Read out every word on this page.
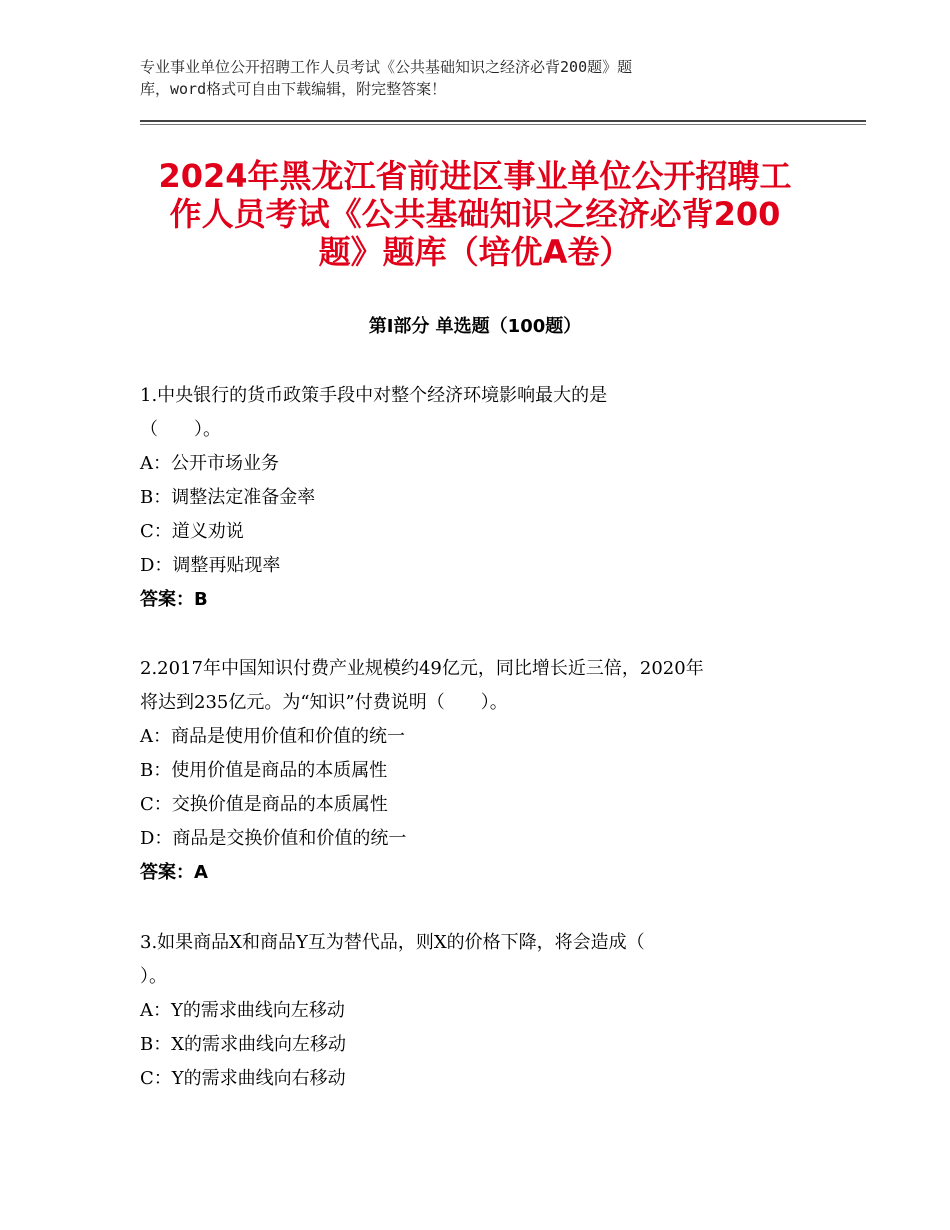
专业事业单位公开招聘工作人员考试《公共基础知识之经济必背200题》题
库，word格式可自由下载编辑，附完整答案！
2024年黑龙江省前进区事业单位公开招聘工
作人员考试《公共基础知识之经济必背200
题》题库（培优A卷）
第Ⅰ部分 单选题（100题）
1.中央银行的货币政策手段中对整个经济环境影响最大的是
（　　）。
A：公开市场业务
B：调整法定准备金率
C：道义劝说
D：调整再贴现率
答案：B
2.2017年中国知识付费产业规模约49亿元，同比增长近三倍，2020年
将达到235亿元。为“知识”付费说明（　　）。
A：商品是使用价值和价值的统一
B：使用价值是商品的本质属性
C：交换价值是商品的本质属性
D：商品是交换价值和价值的统一
答案：A
3.如果商品X和商品Y互为替代品，则X的价格下降，将会造成（
）。
A：Y的需求曲线向左移动
B：X的需求曲线向左移动
C：Y的需求曲线向右移动
